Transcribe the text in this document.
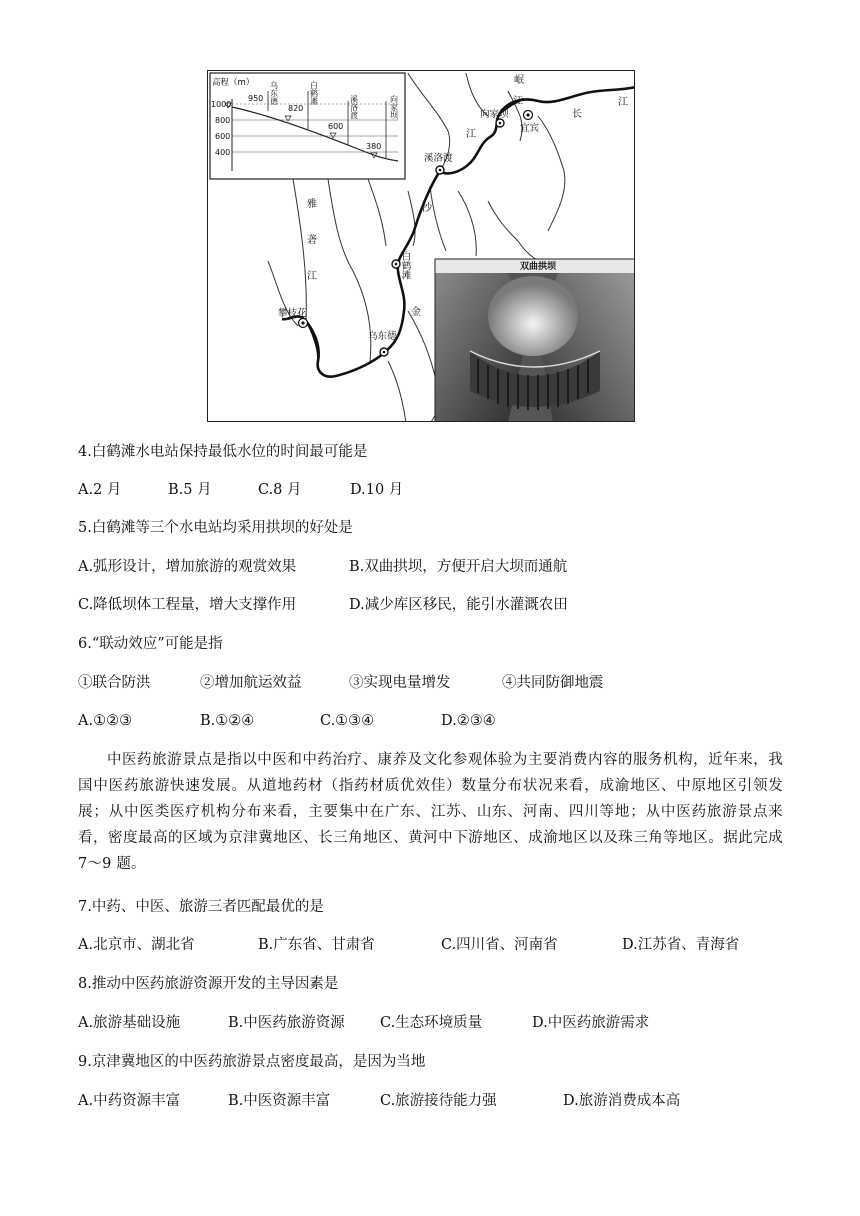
高程（m）
1000
800
600
400
950
820
600
380
乌东德	白鹤滩
溪洛渡	向家坝	向家坝
宜宾
溪洛渡
白鹤滩
乌东德
攀枝花
岷
江
长
江
江
沙
金
雅
砻
江
双曲拱坝
4.白鹤滩水电站保持最低水位的时间最可能是
A.2 月	B.5 月	C.8 月	D.10 月
5.白鹤滩等三个水电站均采用拱坝的好处是
A.弧形设计，增加旅游的观赏效果	B.双曲拱坝，方便开启大坝而通航
C.降低坝体工程量，增大支撑作用	D.减少库区移民，能引水灌溉农田
6.“联动效应”可能是指
①联合防洪	②增加航运效益	③实现电量增发	④共同防御地震
A.①②③	B.①②④	C.①③④	D.②③④
中医药旅游景点是指以中医和中药治疗、康养及文化参观体验为主要消费内容的服务机构，近年来，我国中医药旅游快速发展。从道地药材（指药材质优效佳）数量分布状况来看，成渝地区、中原地区引领发展；从中医类医疗机构分布来看，主要集中在广东、江苏、山东、河南、四川等地；从中医药旅游景点来看，密度最高的区域为京津冀地区、长三角地区、黄河中下游地区、成渝地区以及珠三角等地区。据此完成 7～9 题。
7.中药、中医、旅游三者匹配最优的是
A.北京市、湖北省	B.广东省、甘肃省	C.四川省、河南省	D.江苏省、青海省
8.推动中医药旅游资源开发的主导因素是
A.旅游基础设施	B.中医药旅游资源 C.生态环境质量	D.中医药旅游需求
9.京津冀地区的中医药旅游景点密度最高，是因为当地
A.中药资源丰富	B.中医资源丰富	C.旅游接待能力强	D.旅游消费成本高
